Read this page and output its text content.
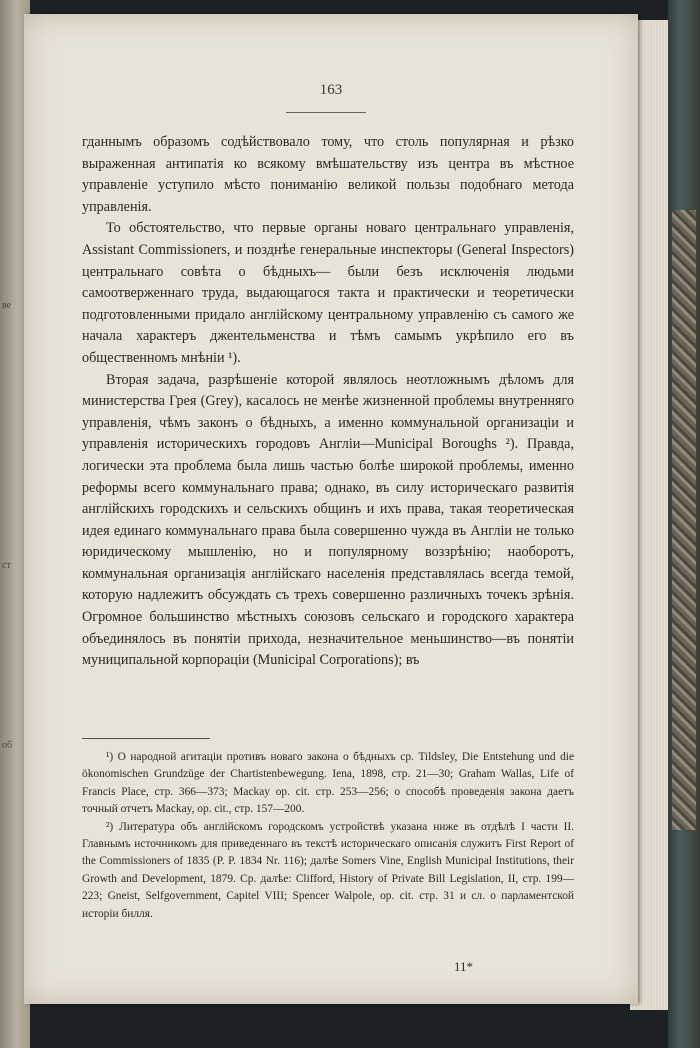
ве
ст
об
163

гданнымъ образомъ содѣйствовало тому, что столь популярная и рѣзко выраженная антипатія ко всякому вмѣшательству изъ центра въ мѣстное управленіе уступило мѣсто пониманію великой пользы подобнаго метода управленія.

То обстоятельство, что первые органы новаго центральнаго управленія, Assistant Commissioners, и позднѣе генеральные инспекторы (General Inspectors) центральнаго совѣта о бѣдныхъ— были безъ исключенія людьми самоотверженнаго труда, выдающагося такта и практически и теоретически подготовленными придало англійскому центральному управленію съ самого же начала характеръ джентельменства и тѣмъ самымъ укрѣпило его въ общественномъ мнѣніи ¹).

Вторая задача, разрѣшеніе которой являлось неотложнымъ дѣломъ для министерства Грея (Grey), касалось не менѣе жизненной проблемы внутренняго управленія, чѣмъ законъ о бѣдныхъ, а именно коммунальной организаціи и управленія историческихъ городовъ Англіи—Municipal Boroughs ²). Правда, логически эта проблема была лишь частью болѣе широкой проблемы, именно реформы всего коммунальнаго права; однако, въ силу историческаго развитія англійскихъ городскихъ и сельскихъ общинъ и ихъ права, такая теоретическая идея единаго коммунальнаго права была совершенно чужда въ Англіи не только юридическому мышленію, но и популярному воззрѣнію; наоборотъ, коммунальная организація англійскаго населенія представлялась всегда темой, которую надлежитъ обсуждать съ трехъ совершенно различныхъ точекъ зрѣнія. Огромное большинство мѣстныхъ союзовъ сельскаго и городского характера объединялось въ понятіи прихода, незначительное меньшинство—въ понятіи муниципальной корпораціи (Municipal Corporations); въ

¹) О народной агитаціи противъ новаго закона о бѣдныхъ ср. Tildsley, Die Entstehung und die ökonomischen Grundzüge der Chartistenbewegung. Iena, 1898, стр. 21—30; Graham Wallas, Life of Francis Place, стр. 366—373; Mackay op. cit. стр. 253—256; о способѣ проведенія закона даетъ точный отчетъ Mackay, op. cit., стр. 157—200.

²) Литература объ англійскомъ городскомъ устройствѣ указана ниже въ отдѣлѣ I части II. Главнымъ источникомъ для приведеннаго въ текстѣ историческаго описанія служитъ First Report of the Commissioners of 1835 (P. P. 1834 Nr. 116); далѣе Somers Vine, English Municipal Institutions, their Growth and Development, 1879. Ср. далѣе: Clifford, History of Private Bill Legislation, II, стр. 199—223; Gneist, Selfgovernment, Capitel VIII; Spencer Walpole, op. cit. стр. 31 и сл. о парламентской исторіи билля.

11*
